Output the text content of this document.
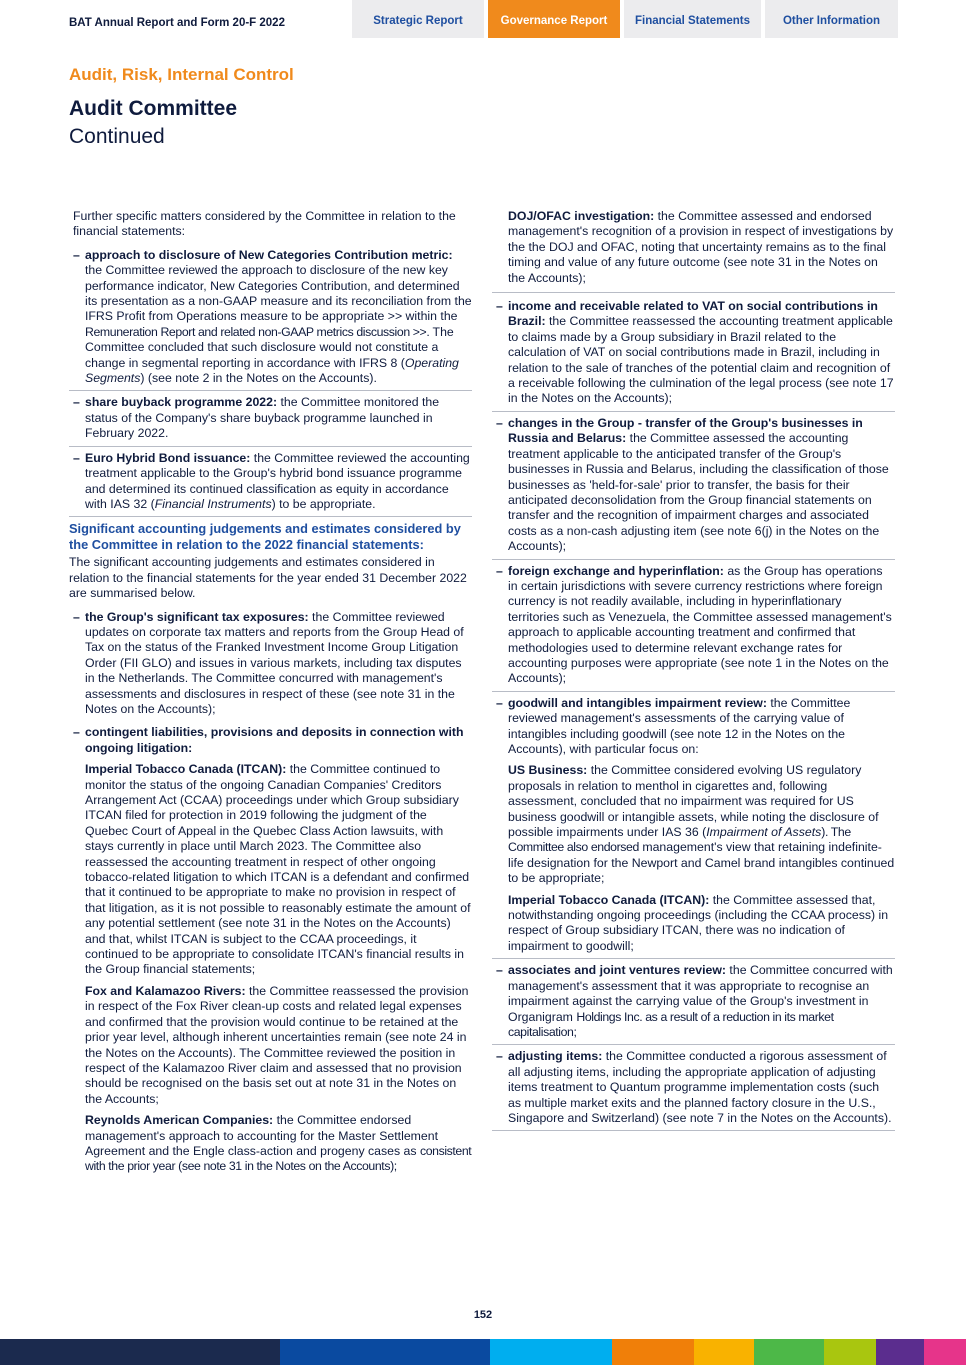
BAT Annual Report and Form 20-F 2022	Strategic Report	Governance Report	Financial Statements	Other Information
Audit, Risk, Internal Control
Audit Committee
Continued

Further specific matters considered by the Committee in relation to the financial statements:

– approach to disclosure of New Categories Contribution metric: the Committee reviewed the approach to disclosure of the new key performance indicator, New Categories Contribution, and determined its presentation as a non-GAAP measure and its reconciliation from the IFRS Profit from Operations measure to be appropriate >> within the Remuneration Report and related non-GAAP metrics discussion >>. The Committee concluded that such disclosure would not constitute a change in segmental reporting in accordance with IFRS 8 (Operating Segments) (see note 2 in the Notes on the Accounts).

– share buyback programme 2022: the Committee monitored the status of the Company's share buyback programme launched in February 2022.

– Euro Hybrid Bond issuance: the Committee reviewed the accounting treatment applicable to the Group's hybrid bond issuance programme and determined its continued classification as equity in accordance with IAS 32 (Financial Instruments) to be appropriate.

Significant accounting judgements and estimates considered by the Committee in relation to the 2022 financial statements:

The significant accounting judgements and estimates considered in relation to the financial statements for the year ended 31 December 2022 are summarised below.

– the Group's significant tax exposures: the Committee reviewed updates on corporate tax matters and reports from the Group Head of Tax on the status of the Franked Investment Income Group Litigation Order (FII GLO) and issues in various markets, including tax disputes in the Netherlands. The Committee concurred with management's assessments and disclosures in respect of these (see note 31 in the Notes on the Accounts);

– contingent liabilities, provisions and deposits in connection with ongoing litigation:

Imperial Tobacco Canada (ITCAN): the Committee continued to monitor the status of the ongoing Canadian Companies' Creditors Arrangement Act (CCAA) proceedings under which Group subsidiary ITCAN filed for protection in 2019 following the judgment of the Quebec Court of Appeal in the Quebec Class Action lawsuits, with stays currently in place until March 2023. The Committee also reassessed the accounting treatment in respect of other ongoing tobacco-related litigation to which ITCAN is a defendant and confirmed that it continued to be appropriate to make no provision in respect of that litigation, as it is not possible to reasonably estimate the amount of any potential settlement (see note 31 in the Notes on the Accounts) and that, whilst ITCAN is subject to the CCAA proceedings, it continued to be appropriate to consolidate ITCAN's financial results in the Group financial statements;

Fox and Kalamazoo Rivers: the Committee reassessed the provision in respect of the Fox River clean-up costs and related legal expenses and confirmed that the provision would continue to be retained at the prior year level, although inherent uncertainties remain (see note 24 in the Notes on the Accounts). The Committee reviewed the position in respect of the Kalamazoo River claim and assessed that no provision should be recognised on the basis set out at note 31 in the Notes on the Accounts;

Reynolds American Companies: the Committee endorsed management's approach to accounting for the Master Settlement Agreement and the Engle class-action and progeny cases as consistent with the prior year (see note 31 in the Notes on the Accounts);

DOJ/OFAC investigation: the Committee assessed and endorsed management's recognition of a provision in respect of investigations by the the DOJ and OFAC, noting that uncertainty remains as to the final timing and value of any future outcome (see note 31 in the Notes on the Accounts);

– income and receivable related to VAT on social contributions in Brazil: the Committee reassessed the accounting treatment applicable to claims made by a Group subsidiary in Brazil related to the calculation of VAT on social contributions made in Brazil, including in relation to the sale of tranches of the potential claim and recognition of a receivable following the culmination of the legal process (see note 17 in the Notes on the Accounts);

– changes in the Group - transfer of the Group's businesses in Russia and Belarus: the Committee assessed the accounting treatment applicable to the anticipated transfer of the Group's businesses in Russia and Belarus, including the classification of those businesses as 'held-for-sale' prior to transfer, the basis for their anticipated deconsolidation from the Group financial statements on transfer and the recognition of impairment charges and associated costs as a non-cash adjusting item (see note 6(j) in the Notes on the Accounts);

– foreign exchange and hyperinflation: as the Group has operations in certain jurisdictions with severe currency restrictions where foreign currency is not readily available, including in hyperinflationary territories such as Venezuela, the Committee assessed management's approach to applicable accounting treatment and confirmed that methodologies used to determine relevant exchange rates for accounting purposes were appropriate (see note 1 in the Notes on the Accounts);

– goodwill and intangibles impairment review: the Committee reviewed management's assessments of the carrying value of intangibles including goodwill (see note 12 in the Notes on the Accounts), with particular focus on:

US Business: the Committee considered evolving US regulatory proposals in relation to menthol in cigarettes and, following assessment, concluded that no impairment was required for US business goodwill or intangible assets, while noting the disclosure of possible impairments under IAS 36 (Impairment of Assets). The Committee also endorsed management's view that retaining indefinite-life designation for the Newport and Camel brand intangibles continued to be appropriate;

Imperial Tobacco Canada (ITCAN): the Committee assessed that, notwithstanding ongoing proceedings (including the CCAA process) in respect of Group subsidiary ITCAN, there was no indication of impairment to goodwill;

– associates and joint ventures review: the Committee concurred with management's assessment that it was appropriate to recognise an impairment against the carrying value of the Group's investment in Organigram Holdings Inc. as a result of a reduction in its market capitalisation;

– adjusting items: the Committee conducted a rigorous assessment of all adjusting items, including the appropriate application of adjusting items treatment to Quantum programme implementation costs (such as multiple market exits and the planned factory closure in the U.S., Singapore and Switzerland) (see note 7 in the Notes on the Accounts).

152
